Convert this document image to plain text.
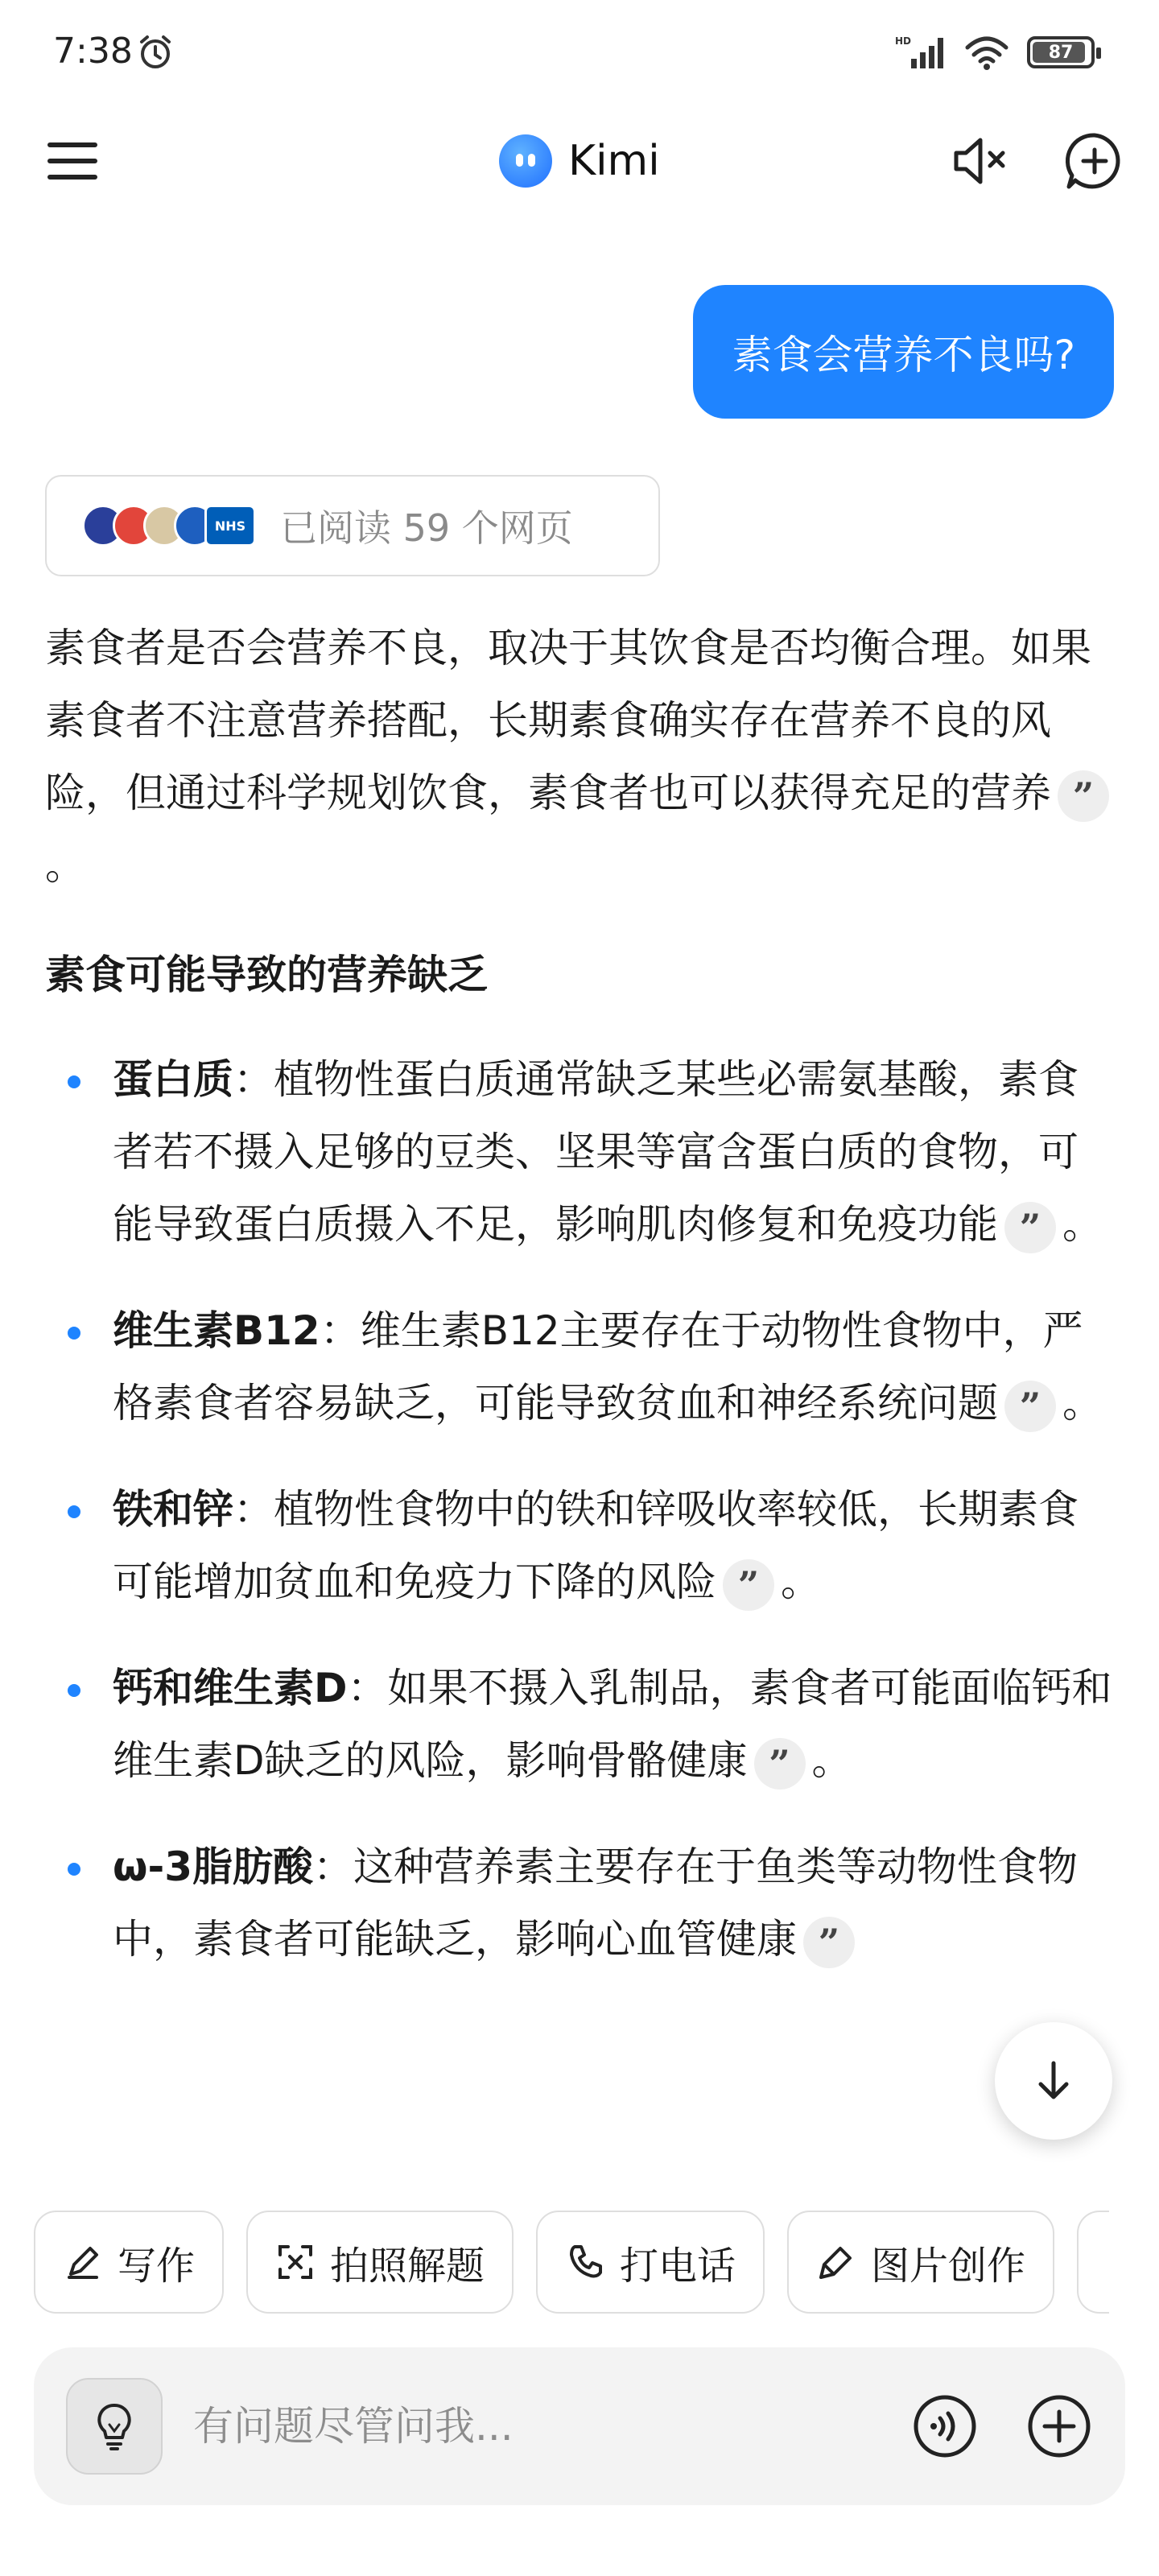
7:38	HD
87
Kimi
素食会营养不良吗?
NHS 已阅读 59 个网页
素食者是否会营养不良，取决于其饮食是否均衡合理。如果素食者不注意营养搭配，长期素食确实存在营养不良的风险，但通过科学规划饮食，素食者也可以获得充足的营养 ”。
素食可能导致的营养缺乏
蛋白质：植物性蛋白质通常缺乏某些必需氨基酸，素食者若不摄入足够的豆类、坚果等富含蛋白质的食物，可能导致蛋白质摄入不足，影响肌肉修复和免疫功能 ” 。
维生素B12：维生素B12主要存在于动物性食物中，严格素食者容易缺乏，可能导致贫血和神经系统问题 ” 。
铁和锌：植物性食物中的铁和锌吸收率较低，长期素食可能增加贫血和免疫力下降的风险 ” 。
钙和维生素D：如果不摄入乳制品，素食者可能面临钙和维生素D缺乏的风险，影响骨骼健康 ” 。
ω-3脂肪酸：这种营养素主要存在于鱼类等动物性食物中，素食者可能缺乏，影响心血管健康 ”
写作	拍照解题	打电话	图片创作
有问题尽管问我...
